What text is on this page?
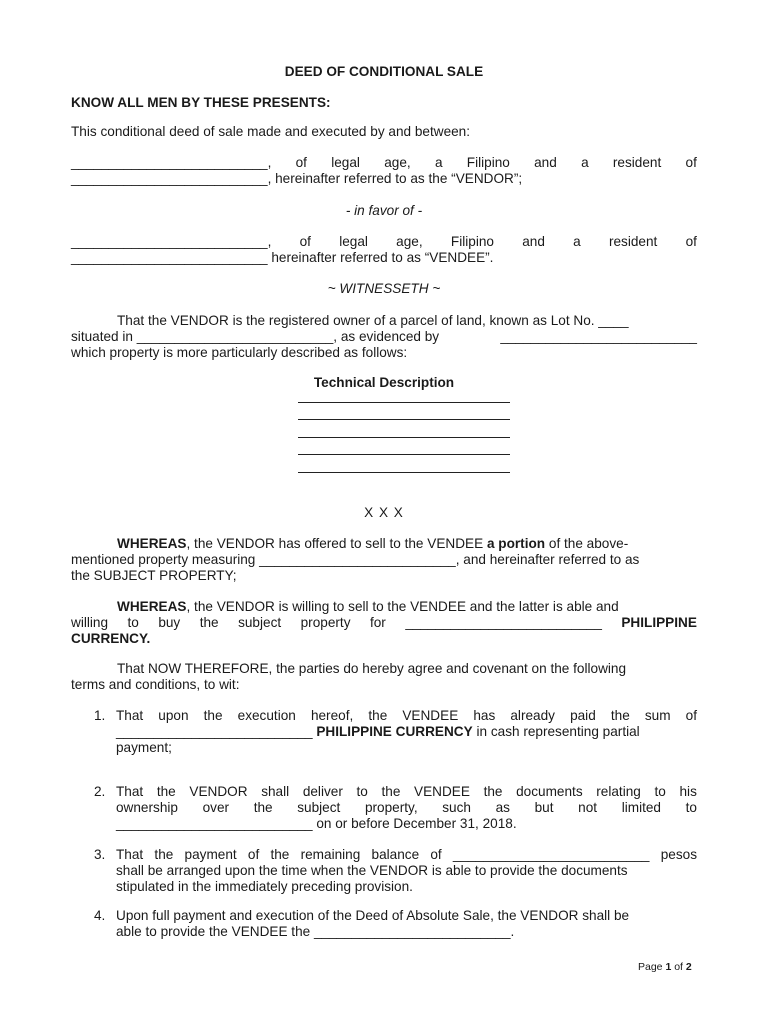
DEED OF CONDITIONAL SALE
KNOW ALL MEN BY THESE PRESENTS:
This conditional deed of sale made and executed by and between:
__________________________, of legal age, a Filipino and a resident of
__________________________, hereinafter referred to as the “VENDOR”;
- in favor of -
__________________________, of legal age, Filipino and a resident of
__________________________ hereinafter referred to as “VENDEE”.
~ WITNESSETH ~
That the VENDOR is the registered owner of a parcel of land, known as Lot No. ____
situated in __________________________, as evidenced by	__________________________
which property is more particularly described as follows:
Technical Description
X X X
WHEREAS, the VENDOR has offered to sell to the VENDEE a portion of the above-
mentioned property measuring __________________________, and hereinafter referred to as
the SUBJECT PROPERTY;
WHEREAS, the VENDOR is willing to sell to the VENDEE and the latter is able and
willing to buy the subject property for __________________________ PHILIPPINE
CURRENCY.
That NOW THEREFORE, the parties do hereby agree and covenant on the following
terms and conditions, to wit:
1. That upon the execution hereof, the VENDEE has already paid the sum of
__________________________ PHILIPPINE CURRENCY in cash representing partial
payment;
2. That the VENDOR shall deliver to the VENDEE the documents relating to his
ownership over the subject property, such as but not limited to
__________________________ on or before December 31, 2018.
3. That the payment of the remaining balance of __________________________ pesos
shall be arranged upon the time when the VENDOR is able to provide the documents
stipulated in the immediately preceding provision.
4. Upon full payment and execution of the Deed of Absolute Sale, the VENDOR shall be
able to provide the VENDEE the __________________________.
Page 1 of 2
